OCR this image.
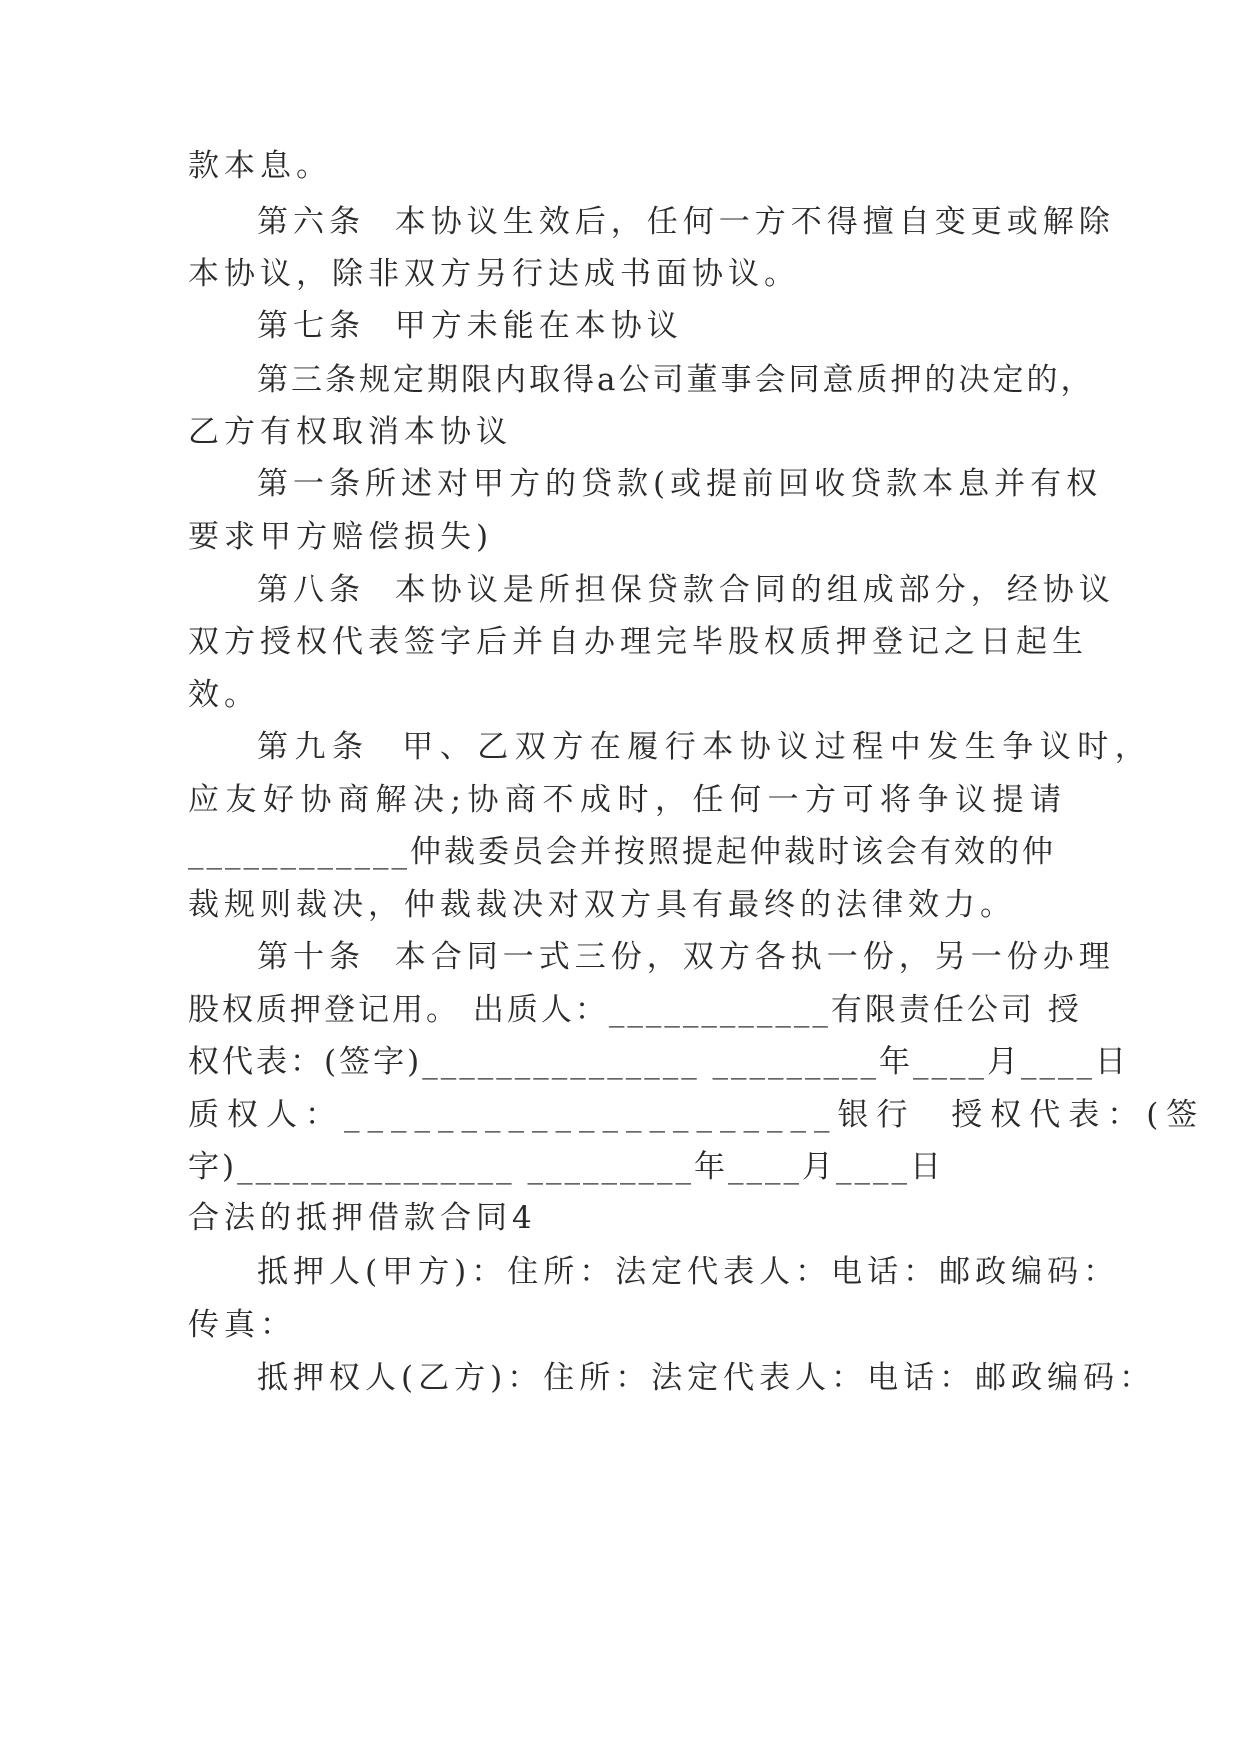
款本息。
第六条  本协议生效后，任何一方不得擅自变更或解除
本协议，除非双方另行达成书面协议。
第七条  甲方未能在本协议
第三条规定期限内取得a公司董事会同意质押的决定的，
乙方有权取消本协议
第一条所述对甲方的贷款(或提前回收贷款本息并有权
要求甲方赔偿损失)
第八条  本协议是所担保贷款合同的组成部分，经协议
双方授权代表签字后并自办理完毕股权质押登记之日起生
效。
第九条  甲、乙双方在履行本协议过程中发生争议时，
应友好协商解决;协商不成时，任何一方可将争议提请
____________仲裁委员会并按照提起仲裁时该会有效的仲
裁规则裁决，仲裁裁决对双方具有最终的法律效力。
第十条  本合同一式三份，双方各执一份，另一份办理
股权质押登记用。 出质人：____________有限责任公司 授
权代表：(签字)_______________ _________年____月____日
质权人：_____________________银行  授权代表：(签
字)_______________ _________年____月____日
合法的抵押借款合同4
抵押人(甲方)：住所：法定代表人：电话：邮政编码：
传真：
抵押权人(乙方)：住所：法定代表人：电话：邮政编码：
